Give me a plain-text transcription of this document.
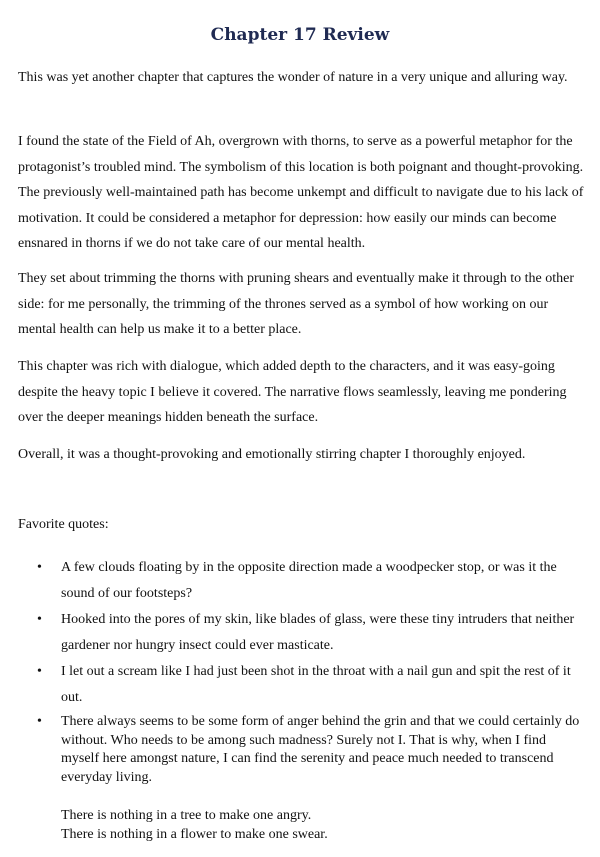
Chapter 17 Review

This was yet another chapter that captures the wonder of nature in a very unique and alluring way.

I found the state of the Field of Ah, overgrown with thorns, to serve as a powerful metaphor for the protagonist’s troubled mind. The symbolism of this location is both poignant and thought-provoking. The previously well-maintained path has become unkempt and difficult to navigate due to his lack of motivation. It could be considered a metaphor for depression: how easily our minds can become ensnared in thorns if we do not take care of our mental health.

They set about trimming the thorns with pruning shears and eventually make it through to the other side: for me personally, the trimming of the thrones served as a symbol of how working on our mental health can help us make it to a better place.

This chapter was rich with dialogue, which added depth to the characters, and it was easy-going despite the heavy topic I believe it covered. The narrative flows seamlessly, leaving me pondering over the deeper meanings hidden beneath the surface.

Overall, it was a thought-provoking and emotionally stirring chapter I thoroughly enjoyed.

Favorite quotes:

• A few clouds floating by in the opposite direction made a woodpecker stop, or was it the sound of our footsteps?
• Hooked into the pores of my skin, like blades of glass, were these tiny intruders that neither gardener nor hungry insect could ever masticate.
• I let out a scream like I had just been shot in the throat with a nail gun and spit the rest of it out.
• There always seems to be some form of anger behind the grin and that we could certainly do without. Who needs to be among such madness? Surely not I. That is why, when I find myself here amongst nature, I can find the serenity and peace much needed to transcend everyday living.

There is nothing in a tree to make one angry.

There is nothing in a flower to make one swear.
